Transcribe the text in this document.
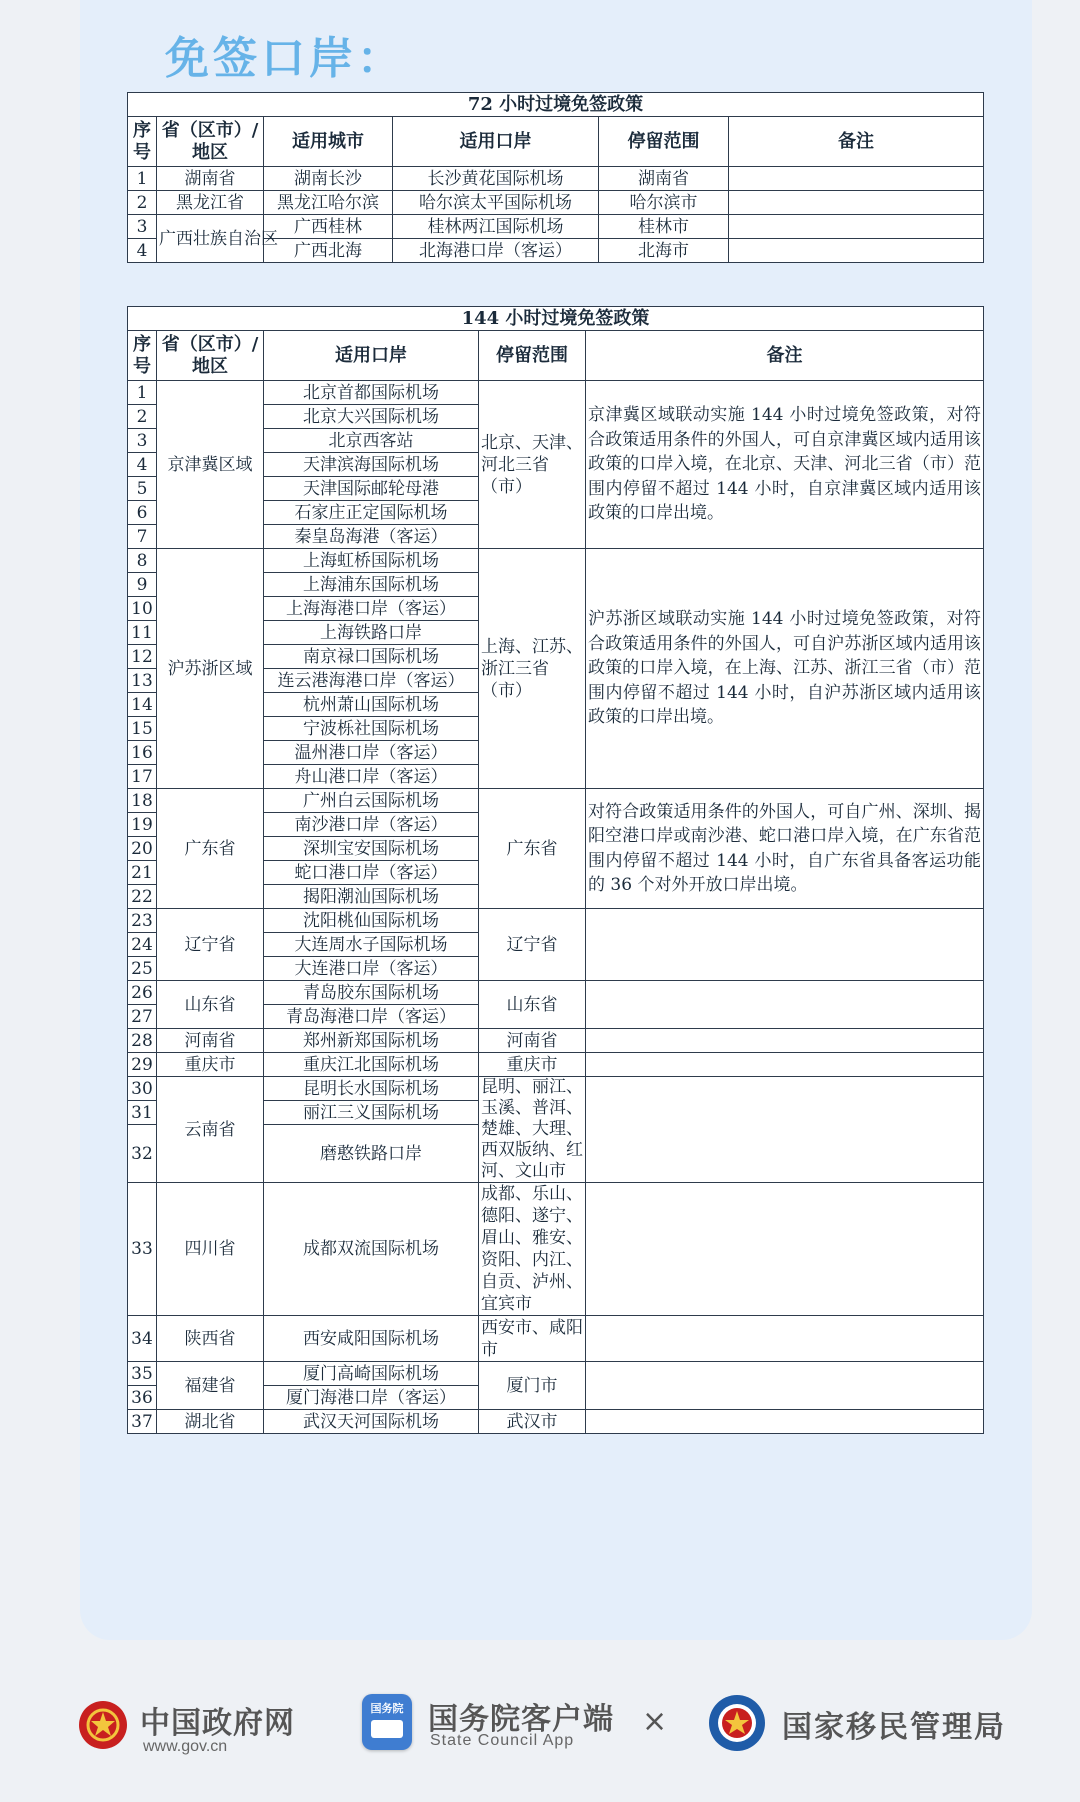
免签口岸：
72 小时过境免签政策					
序号	省（区市）/地区	适用城市	适用口岸	停留范围	备注
1	湖南省	湖南长沙	长沙黄花国际机场	湖南省	
2	黑龙江省	黑龙江哈尔滨	哈尔滨太平国际机场	哈尔滨市	
3	广西壮族自治区	广西桂林	桂林两江国际机场	桂林市	
4		广西北海	北海港口岸（客运）	北海市	
144 小时过境免签政策				
序号	省（区市）/地区	适用口岸	停留范围	备注
1	京津冀区域	北京首都国际机场	北京、天津、河北三省（市）	京津冀区域联动实施 144 小时过境免签政策，对符合政策适用条件的外国人，可自京津冀区域内适用该政策的口岸入境，在北京、天津、河北三省（市）范围内停留不超过 144 小时，自京津冀区域内适用该政策的口岸出境。
2		北京大兴国际机场		
3		北京西客站		
4		天津滨海国际机场		
5		天津国际邮轮母港		
6		石家庄正定国际机场		
7		秦皇岛海港（客运）		
8	沪苏浙区域	上海虹桥国际机场	上海、江苏、浙江三省（市）	沪苏浙区域联动实施 144 小时过境免签政策，对符合政策适用条件的外国人，可自沪苏浙区域内适用该政策的口岸入境，在上海、江苏、浙江三省（市）范围内停留不超过 144 小时，自沪苏浙区域内适用该政策的口岸出境。
9		上海浦东国际机场		
10		上海海港口岸（客运）		
11		上海铁路口岸		
12		南京禄口国际机场		
13		连云港海港口岸（客运）		
14		杭州萧山国际机场		
15		宁波栎社国际机场		
16		温州港口岸（客运）		
17		舟山港口岸（客运）		
18	广东省	广州白云国际机场	广东省	对符合政策适用条件的外国人，可自广州、深圳、揭阳空港口岸或南沙港、蛇口港口岸入境，在广东省范围内停留不超过 144 小时，自广东省具备客运功能的 36 个对外开放口岸出境。
19		南沙港口岸（客运）		
20		深圳宝安国际机场		
21		蛇口港口岸（客运）		
22		揭阳潮汕国际机场		
23	辽宁省	沈阳桃仙国际机场	辽宁省	
24		大连周水子国际机场		
25		大连港口岸（客运）		
26	山东省	青岛胶东国际机场	山东省	
27		青岛海港口岸（客运）		
28	河南省	郑州新郑国际机场	河南省	
29	重庆市	重庆江北国际机场	重庆市	
30	云南省	昆明长水国际机场	昆明、丽江、玉溪、普洱、楚雄、大理、西双版纳、红河、文山市	
31		丽江三义国际机场		
32		磨憨铁路口岸		
33	四川省	成都双流国际机场	成都、乐山、德阳、遂宁、眉山、雅安、资阳、内江、自贡、泸州、宜宾市	
34	陕西省	西安咸阳国际机场	西安市、咸阳市	
35	福建省	厦门高崎国际机场	厦门市	
36		厦门海港口岸（客运）		
37	湖北省	武汉天河国际机场	武汉市	
中国政府网
www.gov.cn
国务院 国务院客户端
State Council App
×	国家移民管理局
